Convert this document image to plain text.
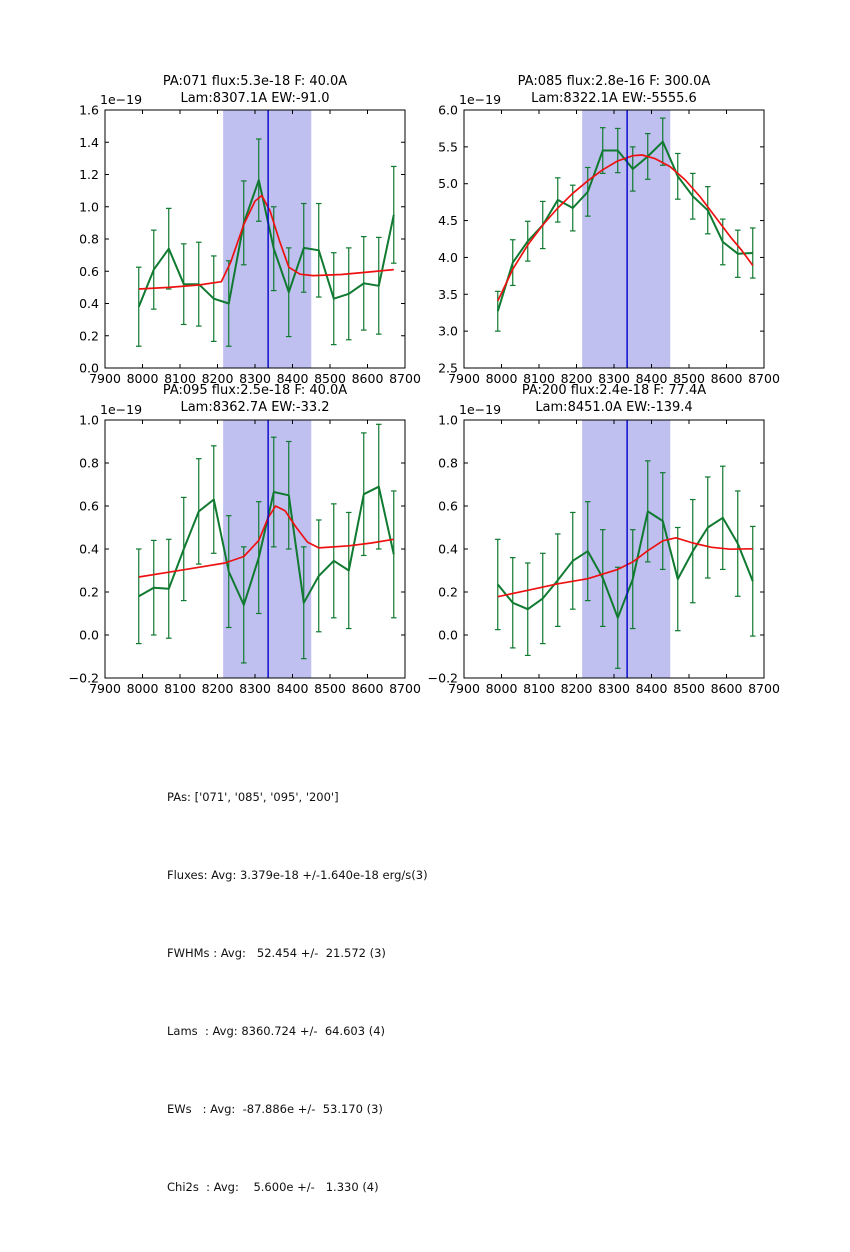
PA:071 flux:5.3e-18 F: 40.0A
Lam:8307.1A EW:-91.0
PA:085 flux:2.8e-16 F: 300.0A
Lam:8322.1A EW:-5555.6
PA:095 flux:2.5e-18 F: 40.0A
Lam:8362.7A EW:-33.2
PA:200 flux:2.4e-18 F: 77.4A
Lam:8451.0A EW:-139.4
7900 8000 8100 8200 8300 8400 8500 8600 8700
0.0
0.2
0.4
0.6
0.8
1.0
1.2
1.4
1.6
1e−19
7900 8000 8100 8200 8300 8400 8500 8600 8700
2.5
3.0
3.5
4.0
4.5
5.0
5.5
6.0
1e−19
7900 8000 8100 8200 8300 8400 8500 8600 8700
−0.2
0.0
0.2
0.4
0.6
0.8
1.0
1e−19
7900 8000 8100 8200 8300 8400 8500 8600 8700
−0.2
0.0
0.2
0.4
0.6
0.8
1.0
1e−19

PAs: ['071', '085', '095', '200']

Fluxes: Avg: 3.379e-18 +/-1.640e-18 erg/s(3)

FWHMs : Avg:   52.454 +/-  21.572 (3)

Lams  : Avg: 8360.724 +/-  64.603 (4)

EWs   : Avg:  -87.886e +/-  53.170 (3)

Chi2s  : Avg:    5.600e +/-   1.330 (4)
